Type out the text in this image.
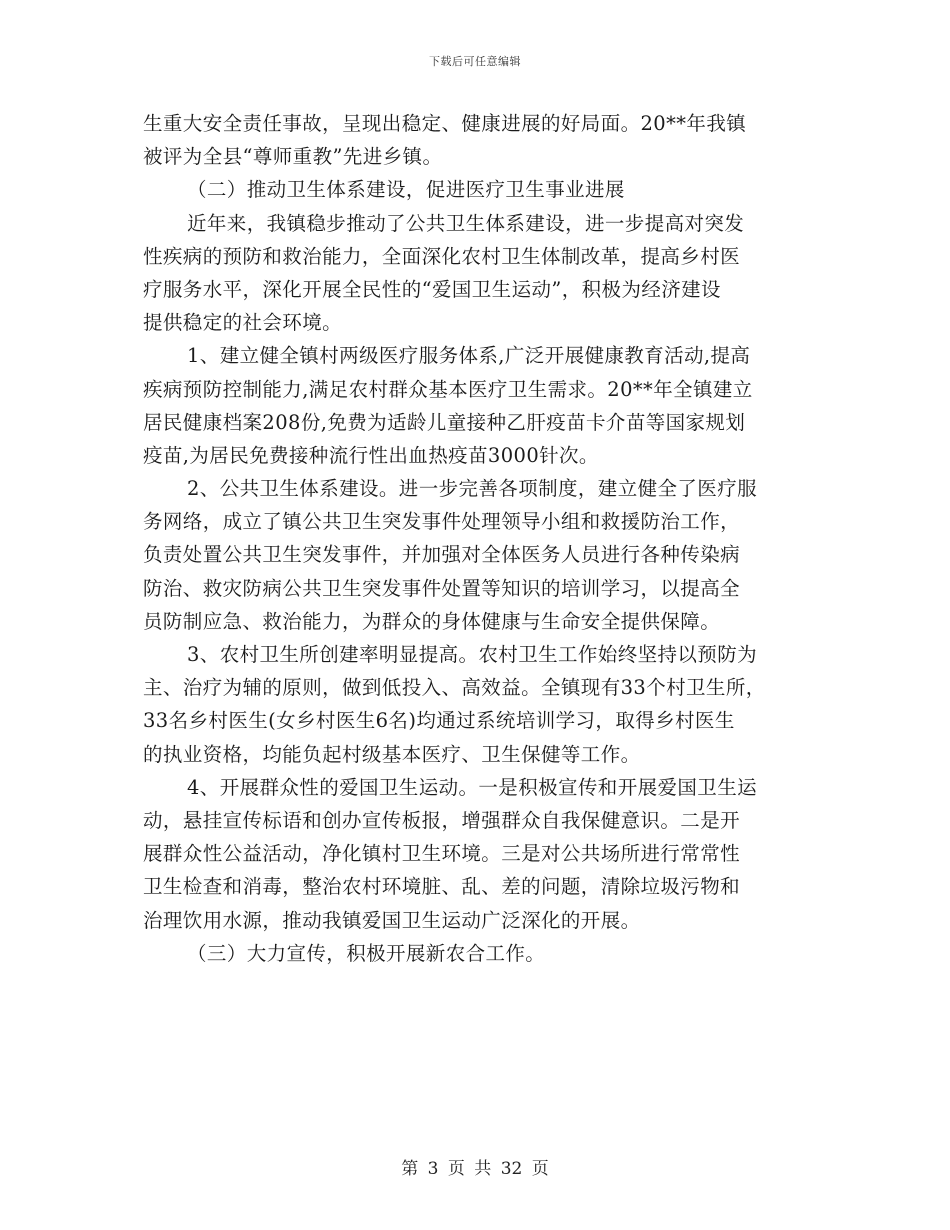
下载后可任意编辑
生重大安全责任事故，呈现出稳定、健康进展的好局面。20**年我镇
被评为全县“尊师重教”先进乡镇。
（二）推动卫生体系建设，促进医疗卫生事业进展
近年来，我镇稳步推动了公共卫生体系建设，进一步提高对突发
性疾病的预防和救治能力，全面深化农村卫生体制改革，提高乡村医
疗服务水平，深化开展全民性的“爱国卫生运动”，积极为经济建设
提供稳定的社会环境。
1、建立健全镇村两级医疗服务体系,广泛开展健康教育活动,提高
疾病预防控制能力,满足农村群众基本医疗卫生需求。20**年全镇建立
居民健康档案208份,免费为适龄儿童接种乙肝疫苗卡介苗等国家规划
疫苗,为居民免费接种流行性出血热疫苗3000针次。
2、公共卫生体系建设。进一步完善各项制度，建立健全了医疗服
务网络，成立了镇公共卫生突发事件处理领导小组和救援防治工作，
负责处置公共卫生突发事件，并加强对全体医务人员进行各种传染病
防治、救灾防病公共卫生突发事件处置等知识的培训学习，以提高全
员防制应急、救治能力，为群众的身体健康与生命安全提供保障。
3、农村卫生所创建率明显提高。农村卫生工作始终坚持以预防为
主、治疗为辅的原则，做到低投入、高效益。全镇现有33个村卫生所，
33名乡村医生(女乡村医生6名)均通过系统培训学习，取得乡村医生
的执业资格，均能负起村级基本医疗、卫生保健等工作。
4、开展群众性的爱国卫生运动。一是积极宣传和开展爱国卫生运
动，悬挂宣传标语和创办宣传板报，增强群众自我保健意识。二是开
展群众性公益活动，净化镇村卫生环境。三是对公共场所进行常常性
卫生检查和消毒，整治农村环境脏、乱、差的问题，清除垃圾污物和
治理饮用水源，推动我镇爱国卫生运动广泛深化的开展。
（三）大力宣传，积极开展新农合工作。
第 3 页 共 32 页
